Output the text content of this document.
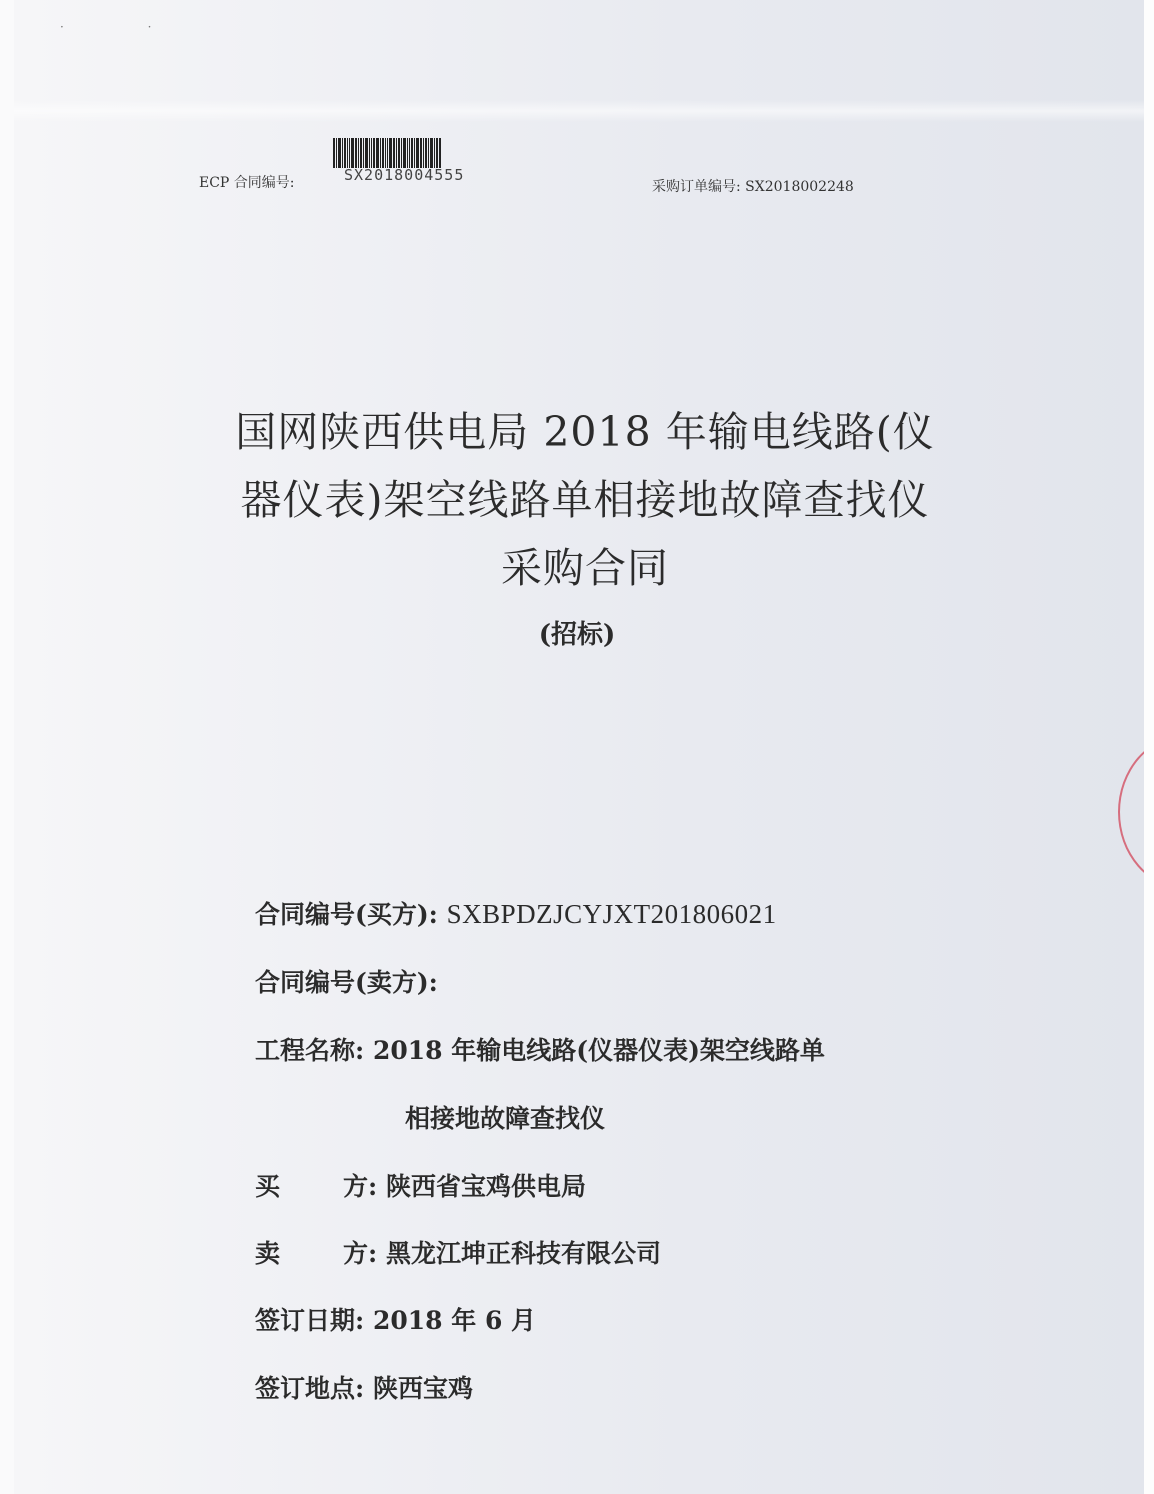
· ·
ECP 合同编号:	SX2018004555
采购订单编号: SX2018002248
国网陕西供电局 2018 年输电线路(仪
器仪表)架空线路单相接地故障查找仪
采购合同
(招标)
合同编号(买方): SXBPDZJCYJXT201806021
合同编号(卖方):
工程名称: 2018 年输电线路(仪器仪表)架空线路单
相接地故障查找仪
买	方: 陕西省宝鸡供电局
卖	方: 黑龙江坤正科技有限公司
签订日期: 2018 年 6 月
签订地点: 陕西宝鸡
